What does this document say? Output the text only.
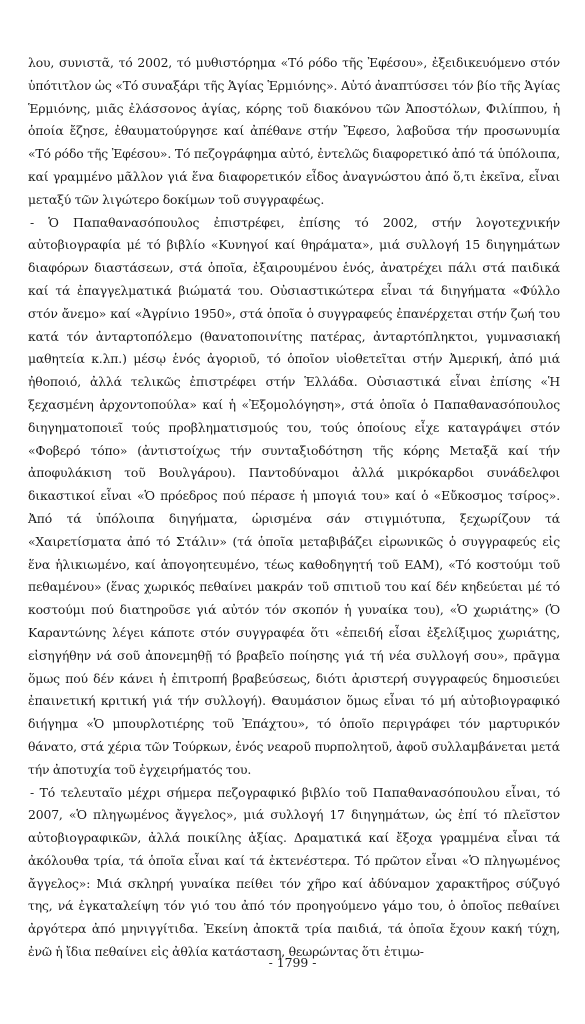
λου, συνιστᾶ, τό 2002, τό μυθιστόρημα «Τό ρόδο τῆς Ἐφέσου», ἐξειδικευόμενο στόν ὑπότιτλον ὡς «Τό συναξάρι τῆς Ἁγίας Ἑρμιόνης». Αὐτό ἀναπτύσσει τόν βίο τῆς Ἁγίας Ἑρμιόνης, μιᾶς ἐλάσσονος ἁγίας, κόρης τοῦ διακόνου τῶν Ἀποστόλων, Φιλίππου, ἡ ὁποία ἔζησε, ἐθαυματούργησε καί ἀπέθανε στήν Ἔφεσο, λαβοῦσα τήν προσωνυμία «Τό ρόδο τῆς Ἐφέσου». Τό πεζογράφημα αὐτό, ἐντελῶς διαφορετικό ἀπό τά ὑπόλοιπα, καί γραμμένο μᾶλλον γιά ἕνα διαφορετικόν εἶδος ἀναγνώστου ἀπό ὅ,τι ἐκεῖνα, εἶναι μεταξύ τῶν λιγώτερο δοκίμων τοῦ συγγραφέως.

- Ὁ Παπαθανασόπουλος ἐπιστρέφει, ἐπίσης τό 2002, στήν λογοτεχνικήν αὐτοβιογραφία μέ τό βιβλίο «Κυνηγοί καί θηράματα», μιά συλλογή 15 διηγημάτων διαφόρων διαστάσεων, στά ὁποῖα, ἐξαιρουμένου ἑνός, ἀνατρέχει πάλι στά παιδικά καί τά ἐπαγγελματικά βιώματά του. Οὐσιαστικώτερα εἶναι τά διηγήματα «Φύλλο στόν ἄνεμο» καί «Ἀγρίνιο 1950», στά ὁποῖα ὁ συγγραφεύς ἐπανέρχεται στήν ζωή του κατά τόν ἀνταρτοπόλεμο (θανατοποινίτης πατέρας, ἀνταρτόπληκτοι, γυμνασιακή μαθητεία κ.λπ.) μέσῳ ἑνός ἀγοριοῦ, τό ὁποῖον υἱοθετεῖται στήν Ἀμερική, ἀπό μιά ἠθοποιό, ἀλλά τελικῶς ἐπιστρέφει στήν Ἑλλάδα. Οὐσιαστικά εἶναι ἐπίσης «Ἡ ξεχασμένη ἀρχοντοπούλα» καί ἡ «Ἐξομολόγηση», στά ὁποῖα ὁ Παπαθανασόπουλος διηγηματοποιεῖ τούς προβληματισμούς του, τούς ὁποίους εἶχε καταγράψει στόν «Φοβερό τόπο» (ἀντιστοίχως τήν συνταξιοδότηση τῆς κόρης Μεταξᾶ καί τήν ἀποφυλάκιση τοῦ Βουλγάρου). Παντοδύναμοι ἀλλά μικρόκαρδοι συνάδελφοι δικαστικοί εἶναι «Ὁ πρόεδρος πού πέρασε ἡ μπογιά του» καί ὁ «Εὔκοσμος τσίρος». Ἀπό τά ὑπόλοιπα διηγήματα, ὡρισμένα σάν στιγμιότυπα, ξεχωρίζουν τά «Χαιρετίσματα ἀπό τό Στάλιν» (τά ὁποῖα μεταβιβάζει εἰρωνικῶς ὁ συγγραφεύς εἰς ἕνα ἡλικιωμένο, καί ἀπογοητευμένο, τέως καθοδηγητή τοῦ ΕΑΜ), «Τό κοστούμι τοῦ πεθαμένου» (ἕνας χωρικός πεθαίνει μακράν τοῦ σπιτιοῦ του καί δέν κηδεύεται μέ τό κοστούμι πού διατηροῦσε γιά αὐτόν τόν σκοπόν ἡ γυναίκα του), «Ὁ χωριάτης» (Ὁ Καραντώνης λέγει κάποτε στόν συγγραφέα ὅτι «ἐπειδή εἶσαι ἐξελίξιμος χωριάτης, εἰσηγήθην νά σοῦ ἀπονεμηθῇ τό βραβεῖο ποίησης γιά τή νέα συλλογή σου», πρᾶγμα ὅμως πού δέν κάνει ἡ ἐπιτροπή βραβεύσεως, διότι ἀριστερή συγγραφεύς δημοσιεύει ἐπαινετική κριτική γιά τήν συλλογή). Θαυμάσιον ὅμως εἶναι τό μή αὐτοβιογραφικό διήγημα «Ὁ μπουρλοτιέρης τοῦ Ἐπάχτου», τό ὁποῖο περιγράφει τόν μαρτυρικόν θάνατο, στά χέρια τῶν Τούρκων, ἑνός νεαροῦ πυρπολητοῦ, ἀφοῦ συλλαμβάνεται μετά τήν ἀποτυχία τοῦ ἐγχειρήματός του.

- Τό τελευταῖο μέχρι σήμερα πεζογραφικό βιβλίο τοῦ Παπαθανασόπουλου εἶναι, τό 2007, «Ὁ πληγωμένος ἄγγελος», μιά συλλογή 17 διηγημάτων, ὡς ἐπί τό πλεῖστον αὐτοβιογραφικῶν, ἀλλά ποικίλης ἀξίας. Δραματικά καί ἔξοχα γραμμένα εἶναι τά ἀκόλουθα τρία, τά ὁποῖα εἶναι καί τά ἐκτενέστερα. Τό πρῶτον εἶναι «Ὁ πληγωμένος ἄγγελος»: Μιά σκληρή γυναίκα πείθει τόν χῆρο καί ἀδύναμον χαρακτῆρος σύζυγό της, νά ἐγκαταλείψη τόν γιό του ἀπό τόν προηγούμενο γάμο του, ὁ ὁποῖος πεθαίνει ἀργότερα ἀπό μηνιγγίτιδα. Ἐκείνη ἀποκτᾶ τρία παιδιά, τά ὁποῖα ἔχουν κακή τύχη, ἐνῶ ἡ ἴδια πεθαίνει εἰς ἀθλία κατάσταση, θεωρώντας ὅτι ἐτιμω-

- 1799 -
